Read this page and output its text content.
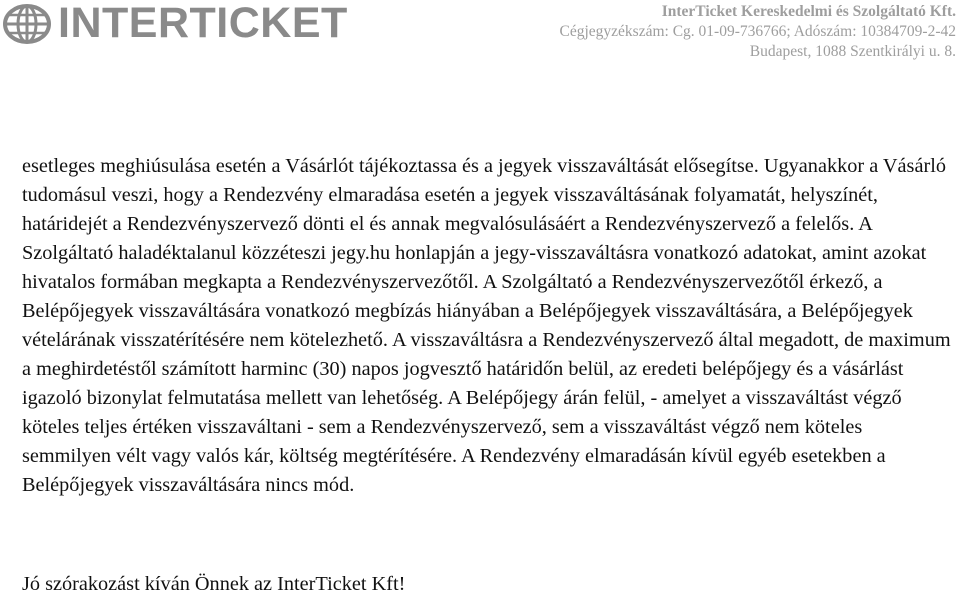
INTERTICKET	InterTicket Kereskedelmi és Szolgáltató Kft.
Cégjegyzékszám: Cg. 01-09-736766; Adószám: 10384709-2-42
Budapest, 1088 Szentkirályi u. 8.

esetleges meghiúsulása esetén a Vásárlót tájékoztassa és a jegyek visszaváltását elősegítse. Ugyanakkor a Vásárló tudomásul veszi, hogy a Rendezvény elmaradása esetén a jegyek visszaváltásának folyamatát, helyszínét, határidejét a Rendezvényszervező dönti el és annak megvalósulásáért a Rendezvényszervező a felelős. A Szolgáltató haladéktalanul közzéteszi jegy.hu honlapján a jegy-visszaváltásra vonatkozó adatokat, amint azokat hivatalos formában megkapta a Rendezvényszervezőtől. A Szolgáltató a Rendezvényszervezőtől érkező, a Belépőjegyek visszaváltására vonatkozó megbízás hiányában a Belépőjegyek visszaváltására, a Belépőjegyek vételárának visszatérítésére nem kötelezhető. A visszaváltásra a Rendezvényszervező által megadott, de maximum a meghirdetéstől számított harminc (30) napos jogvesztő határidőn belül, az eredeti belépőjegy és a vásárlást igazoló bizonylat felmutatása mellett van lehetőség. A Belépőjegy árán felül, - amelyet a visszaváltást végző köteles teljes értéken visszaváltani - sem a Rendezvényszervező, sem a visszaváltást végző nem köteles semmilyen vélt vagy valós kár, költség megtérítésére. A Rendezvény elmaradásán kívül egyéb esetekben a Belépőjegyek visszaváltására nincs mód.

Jó szórakozást kíván Önnek az InterTicket Kft!
